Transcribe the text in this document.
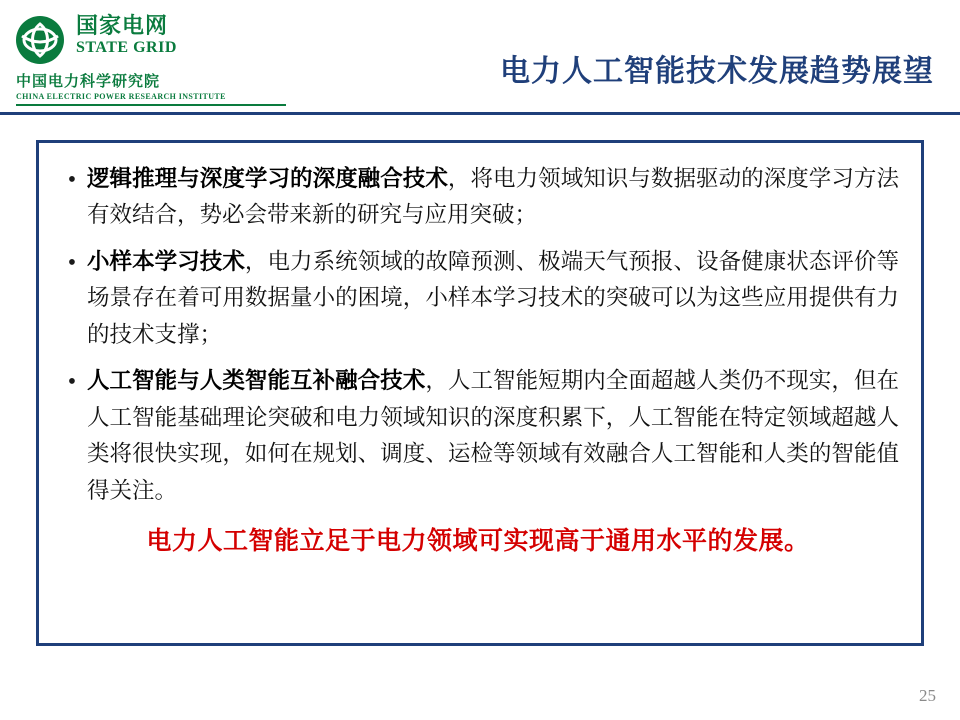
国家电网
STATE GRID
中国电力科学研究院
CHINA ELECTRIC POWER RESEARCH INSTITUTE
电力人工智能技术发展趋势展望
• 逻辑推理与深度学习的深度融合技术，将电力领域知识与数据驱动的深度学习方法有效结合，势必会带来新的研究与应用突破；
• 小样本学习技术，电力系统领域的故障预测、极端天气预报、设备健康状态评价等场景存在着可用数据量小的困境，小样本学习技术的突破可以为这些应用提供有力的技术支撑；
• 人工智能与人类智能互补融合技术，人工智能短期内全面超越人类仍不现实，但在人工智能基础理论突破和电力领域知识的深度积累下，人工智能在特定领域超越人类将很快实现，如何在规划、调度、运检等领域有效融合人工智能和人类的智能值得关注。
电力人工智能立足于电力领域可实现高于通用水平的发展。
25
